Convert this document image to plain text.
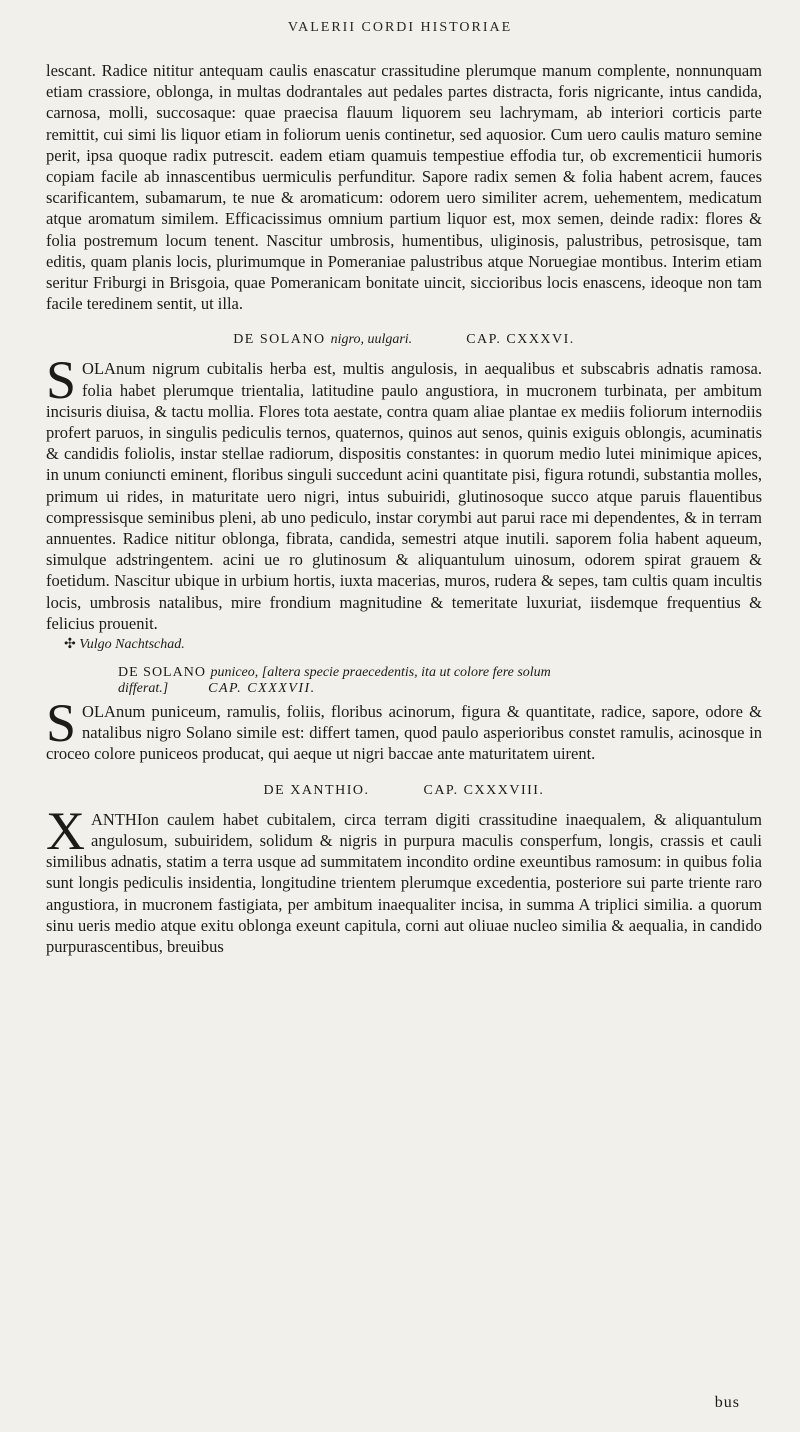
VALERII CORDI HISTORIAE

lescant. Radice nititur antequam caulis enascatur crassitudine plerumque manum complente, nonnunquam etiam crassiore, oblonga, in multas dodrantales aut pedales partes distracta, foris nigricante, intus candida, carnosa, molli, succosaque: quae praecisa flauum liquorem seu lachrymam, ab interiori corticis parte remittit, cui simi lis liquor etiam in foliorum uenis continetur, sed aquosior. Cum uero caulis maturo semine perit, ipsa quoque radix putrescit. eadem etiam quamuis tempestiue effodia tur, ob excrementicii humoris copiam facile ab innascentibus uermiculis perfunditur. Sapore radix semen & folia habent acrem, fauces scarificantem, subamarum, te nue & aromaticum: odorem uero similiter acrem, uehementem, medicatum atque aromatum similem. Efficacissimus omnium partium liquor est, mox semen, deinde radix: flores & folia postremum locum tenent. Nascitur umbrosis, humentibus, uliginosis, palustribus, petrosisque, tam editis, quam planis locis, plurimumque in Pomeraniae palustribus atque Noruegiae montibus. Interim etiam seritur Friburgi in Brisgoia, quae Pomeranicam bonitate uincit, siccioribus locis enascens, ideoque non tam facile teredinem sentit, ut illa.

DE SOLANO nigro, uulgari.	CAP. CXXXVI.

S OLAnum nigrum cubitalis herba est, multis angulosis, in aequalibus et subscabris adnatis ramosa. folia habet plerumque trientalia, latitudine paulo angustiora, in mucronem turbinata, per ambitum incisuris diuisa, & tactu mollia. Flores tota aestate, contra quam aliae plantae ex mediis foliorum internodiis profert paruos, in singulis pediculis ternos, quaternos, quinos aut senos, quinis exiguis oblongis, acuminatis & candidis foliolis, instar stellae radiorum, dispositis constantes: in quorum medio lutei minimique apices, in unum coniuncti eminent, floribus singuli succedunt acini quantitate pisi, figura rotundi, substantia molles, primum ui rides, in maturitate uero nigri, intus subuiridi, glutinosoque succo atque paruis flauentibus compressisque seminibus pleni, ab uno pediculo, instar corymbi aut parui race mi dependentes, & in terram annuentes. Radice nititur oblonga, fibrata, candida, semestri atque inutili. saporem folia habent aqueum, simulque adstringentem. acini ue ro glutinosum & aliquantulum uinosum, odorem spirat grauem & foetidum. Nascitur ubique in urbium hortis, iuxta macerias, muros, rudera & sepes, tam cultis quam incultis locis, umbrosis natalibus, mire frondium magnitudine & temeritate luxuriat, iisdemque frequentius & felicius prouenit.

✣ Vulgo Nachtschad.
DE SOLANO puniceo, [altera specie praecedentis, ita ut colore fere solum
differat.]	CAP. CXXXVII.

S OLAnum puniceum, ramulis, foliis, floribus acinorum, figura & quantitate, radice, sapore, odore & natalibus nigro Solano simile est: differt tamen, quod paulo asperioribus constet ramulis, acinosque in croceo colore puniceos producat, qui aeque ut nigri baccae ante maturitatem uirent.

DE XANTHIO.	CAP. CXXXVIII.

X ANTHIon caulem habet cubitalem, circa terram digiti crassitudine inaequalem, & aliquantulum angulosum, subuiridem, solidum & nigris in purpura maculis consperfum, longis, crassis et cauli similibus adnatis, statim a terra usque ad summitatem incondito ordine exeuntibus ramosum: in quibus folia sunt longis pediculis insidentia, longitudine trientem plerumque excedentia, posteriore sui parte triente raro angustiora, in mucronem fastigiata, per ambitum inaequaliter incisa, in summa A triplici similia. a quorum sinu ueris medio atque exitu oblonga exeunt capitula, corni aut oliuae nucleo similia & aequalia, in candido purpurascentibus, breuibus

bus
